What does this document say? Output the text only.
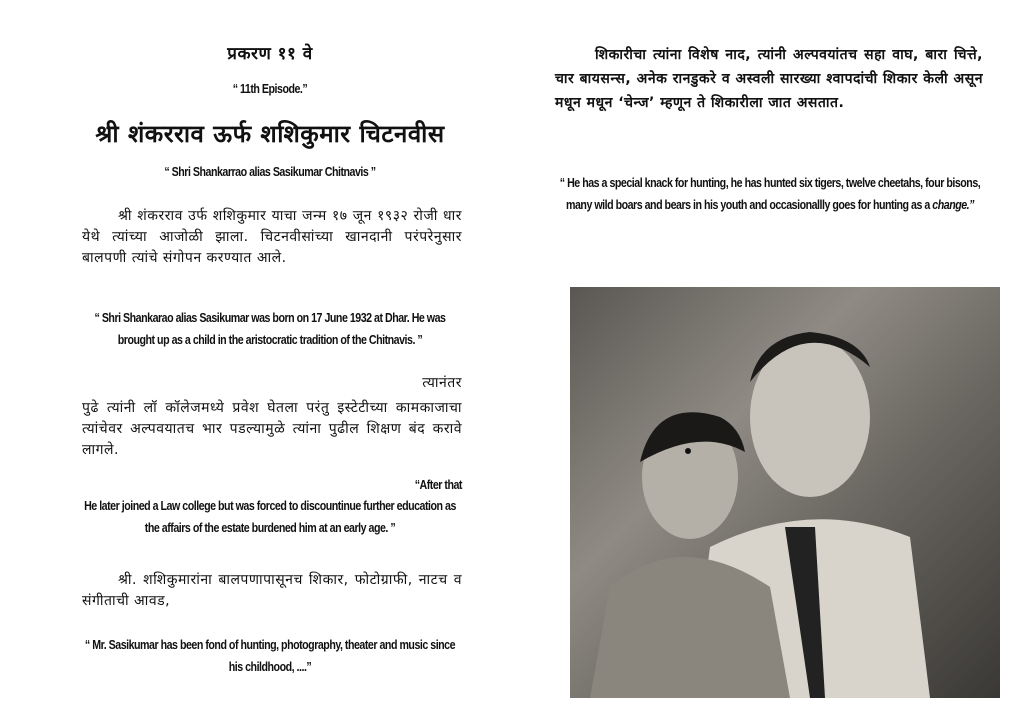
प्रकरण ११ वे
“ 11th Episode.”
श्री शंकरराव ऊर्फ शशिकुमार चिटनवीस
“ Shri Shankarrao alias Sasikumar Chitnavis ”
श्री शंकरराव उर्फ शशिकुमार याचा जन्म १७ जून १९३२ रोजी धार येथे त्यांच्या आजोळी झाला. चिटनवीसांच्या खानदानी परंपरेनुसार बालपणी त्यांचे संगोपन करण्यात आले.
“ Shri Shankarao alias Sasikumar was born on 17 June 1932 at Dhar. He was brought up as a child in the aristocratic tradition of the Chitnavis. ”
त्यानंतर
पुढे त्यांनी लॉ कॉलेजमध्ये प्रवेश घेतला परंतु इस्टेटीच्या कामकाजाचा त्यांचेवर अल्पवयातच भार पडल्यामुळे त्यांना पुढील शिक्षण बंद करावे लागले.
“After that
He later joined a Law college but was forced to discountinue further education as the affairs of the estate burdened him at an early age. ”
श्री. शशिकुमारांना बालपणापासूनच शिकार, फोटोग्राफी, नाटच व संगीताची आवड,
“ Mr. Sasikumar has been fond of hunting, photography, theater and music since his childhood, ....”
शिकारीचा त्यांना विशेष नाद, त्यांनी अल्पवयांतच सहा वाघ, बारा चित्ते, चार बायसन्स, अनेक रानडुकरे व अस्वली सारख्या श्वापदांची शिकार केली असून मधून मधून ‘चेन्ज’ म्हणून ते शिकारीला जात असतात.
“ He has a special knack for hunting, he has hunted six tigers, twelve cheetahs, four bisons, many wild boars and bears in his youth and occasionallly goes for hunting as a change.”
